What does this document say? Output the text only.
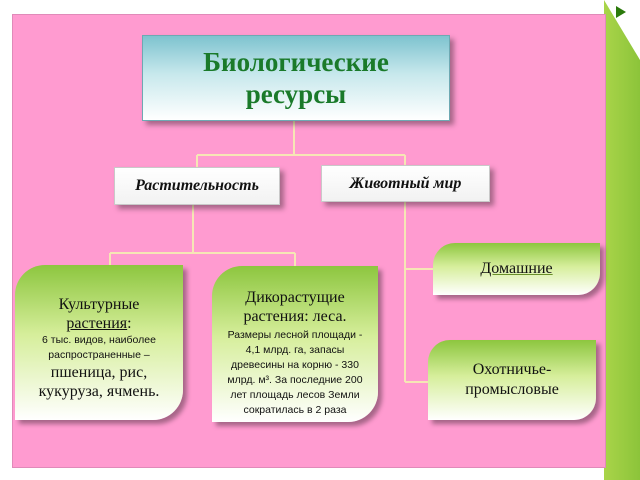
Биологические
ресурсы
Растительность	Животный мир
Культурные
растения:
6 тыс. видов, наиболее
распространенные –
пшеница, рис,
кукуруза, ячмень.
Дикорастущие
растения: леса.
Размеры лесной площади -
4,1 млрд. га, запасы
древесины на корню - 330
млрд. м³. За последние 200
лет площадь лесов Земли
сократилась в 2 раза
Домашние
Охотничье-
промысловые
